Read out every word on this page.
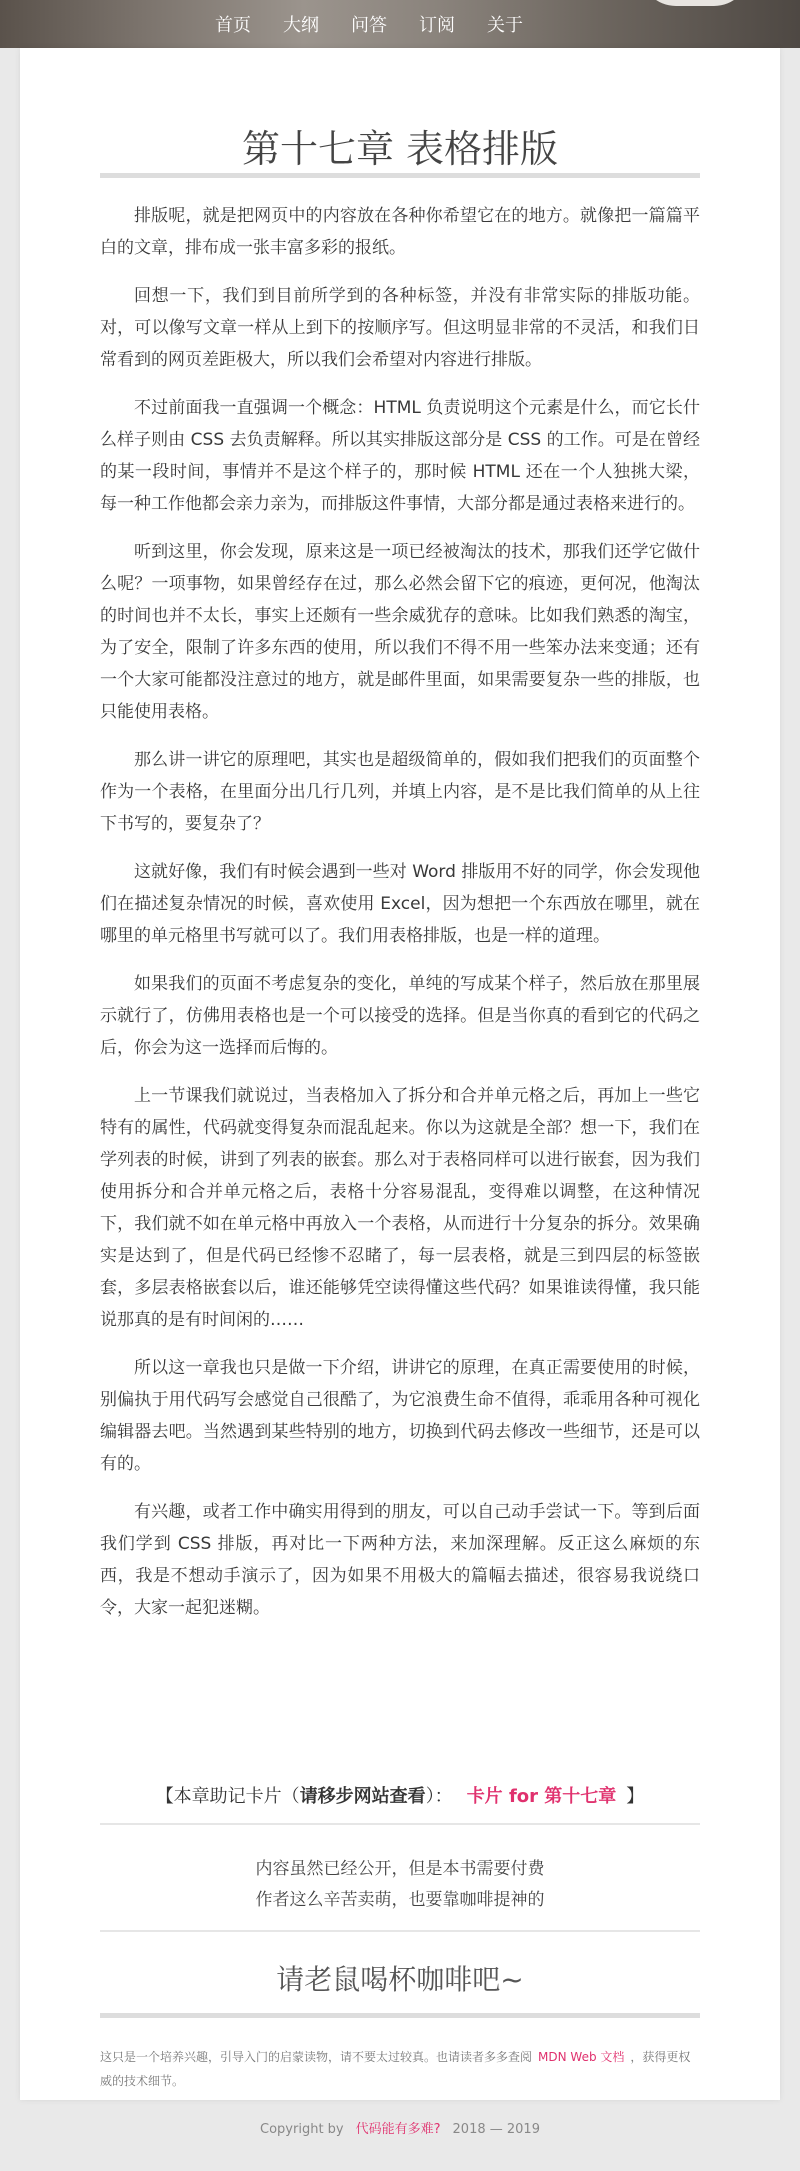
首页 大纲 问答 订阅 关于
第十七章 表格排版

排版呢，就是把网页中的内容放在各种你希望它在的地方。就像把一篇篇平白的文章，排布成一张丰富多彩的报纸。

回想一下，我们到目前所学到的各种标签，并没有非常实际的排版功能。对，可以像写文章一样从上到下的按顺序写。但这明显非常的不灵活，和我们日常看到的网页差距极大，所以我们会希望对内容进行排版。

不过前面我一直强调一个概念：HTML 负责说明这个元素是什么，而它长什么样子则由 CSS 去负责解释。所以其实排版这部分是 CSS 的工作。可是在曾经的某一段时间，事情并不是这个样子的，那时候 HTML 还在一个人独挑大梁，每一种工作他都会亲力亲为，而排版这件事情，大部分都是通过表格来进行的。

听到这里，你会发现，原来这是一项已经被淘汰的技术，那我们还学它做什么呢？一项事物，如果曾经存在过，那么必然会留下它的痕迹，更何况，他淘汰的时间也并不太长，事实上还颇有一些余威犹存的意味。比如我们熟悉的淘宝，为了安全，限制了许多东西的使用，所以我们不得不用一些笨办法来变通；还有一个大家可能都没注意过的地方，就是邮件里面，如果需要复杂一些的排版，也只能使用表格。

那么讲一讲它的原理吧，其实也是超级简单的，假如我们把我们的页面整个作为一个表格，在里面分出几行几列，并填上内容，是不是比我们简单的从上往下书写的，要复杂了？

这就好像，我们有时候会遇到一些对 Word 排版用不好的同学，你会发现他们在描述复杂情况的时候，喜欢使用 Excel，因为想把一个东西放在哪里，就在哪里的单元格里书写就可以了。我们用表格排版，也是一样的道理。

如果我们的页面不考虑复杂的变化，单纯的写成某个样子，然后放在那里展示就行了，仿佛用表格也是一个可以接受的选择。但是当你真的看到它的代码之后，你会为这一选择而后悔的。

上一节课我们就说过，当表格加入了拆分和合并单元格之后，再加上一些它特有的属性，代码就变得复杂而混乱起来。你以为这就是全部？想一下，我们在学列表的时候，讲到了列表的嵌套。那么对于表格同样可以进行嵌套，因为我们使用拆分和合并单元格之后，表格十分容易混乱，变得难以调整，在这种情况下，我们就不如在单元格中再放入一个表格，从而进行十分复杂的拆分。效果确实是达到了，但是代码已经惨不忍睹了，每一层表格，就是三到四层的标签嵌套，多层表格嵌套以后，谁还能够凭空读得懂这些代码？如果谁读得懂，我只能说那真的是有时间闲的……

所以这一章我也只是做一下介绍，讲讲它的原理，在真正需要使用的时候，别偏执于用代码写会感觉自己很酷了，为它浪费生命不值得，乖乖用各种可视化编辑器去吧。当然遇到某些特别的地方，切换到代码去修改一些细节，还是可以有的。

有兴趣，或者工作中确实用得到的朋友，可以自己动手尝试一下。等到后面我们学到 CSS 排版，再对比一下两种方法，来加深理解。反正这么麻烦的东西，我是不想动手演示了，因为如果不用极大的篇幅去描述，很容易我说绕口令，大家一起犯迷糊。

【本章助记卡片（请移步网站查看）： 卡片 for 第十七章 】
内容虽然已经公开，但是本书需要付费
作者这么辛苦卖萌，也要靠咖啡提神的
请老鼠喝杯咖啡吧~
这只是一个培养兴趣，引导入门的启蒙读物，请不要太过较真。也请读者多多查阅 MDN Web 文档 ，获得更权威的技术细节。
Copyright by 代码能有多难? 2018 — 2019
